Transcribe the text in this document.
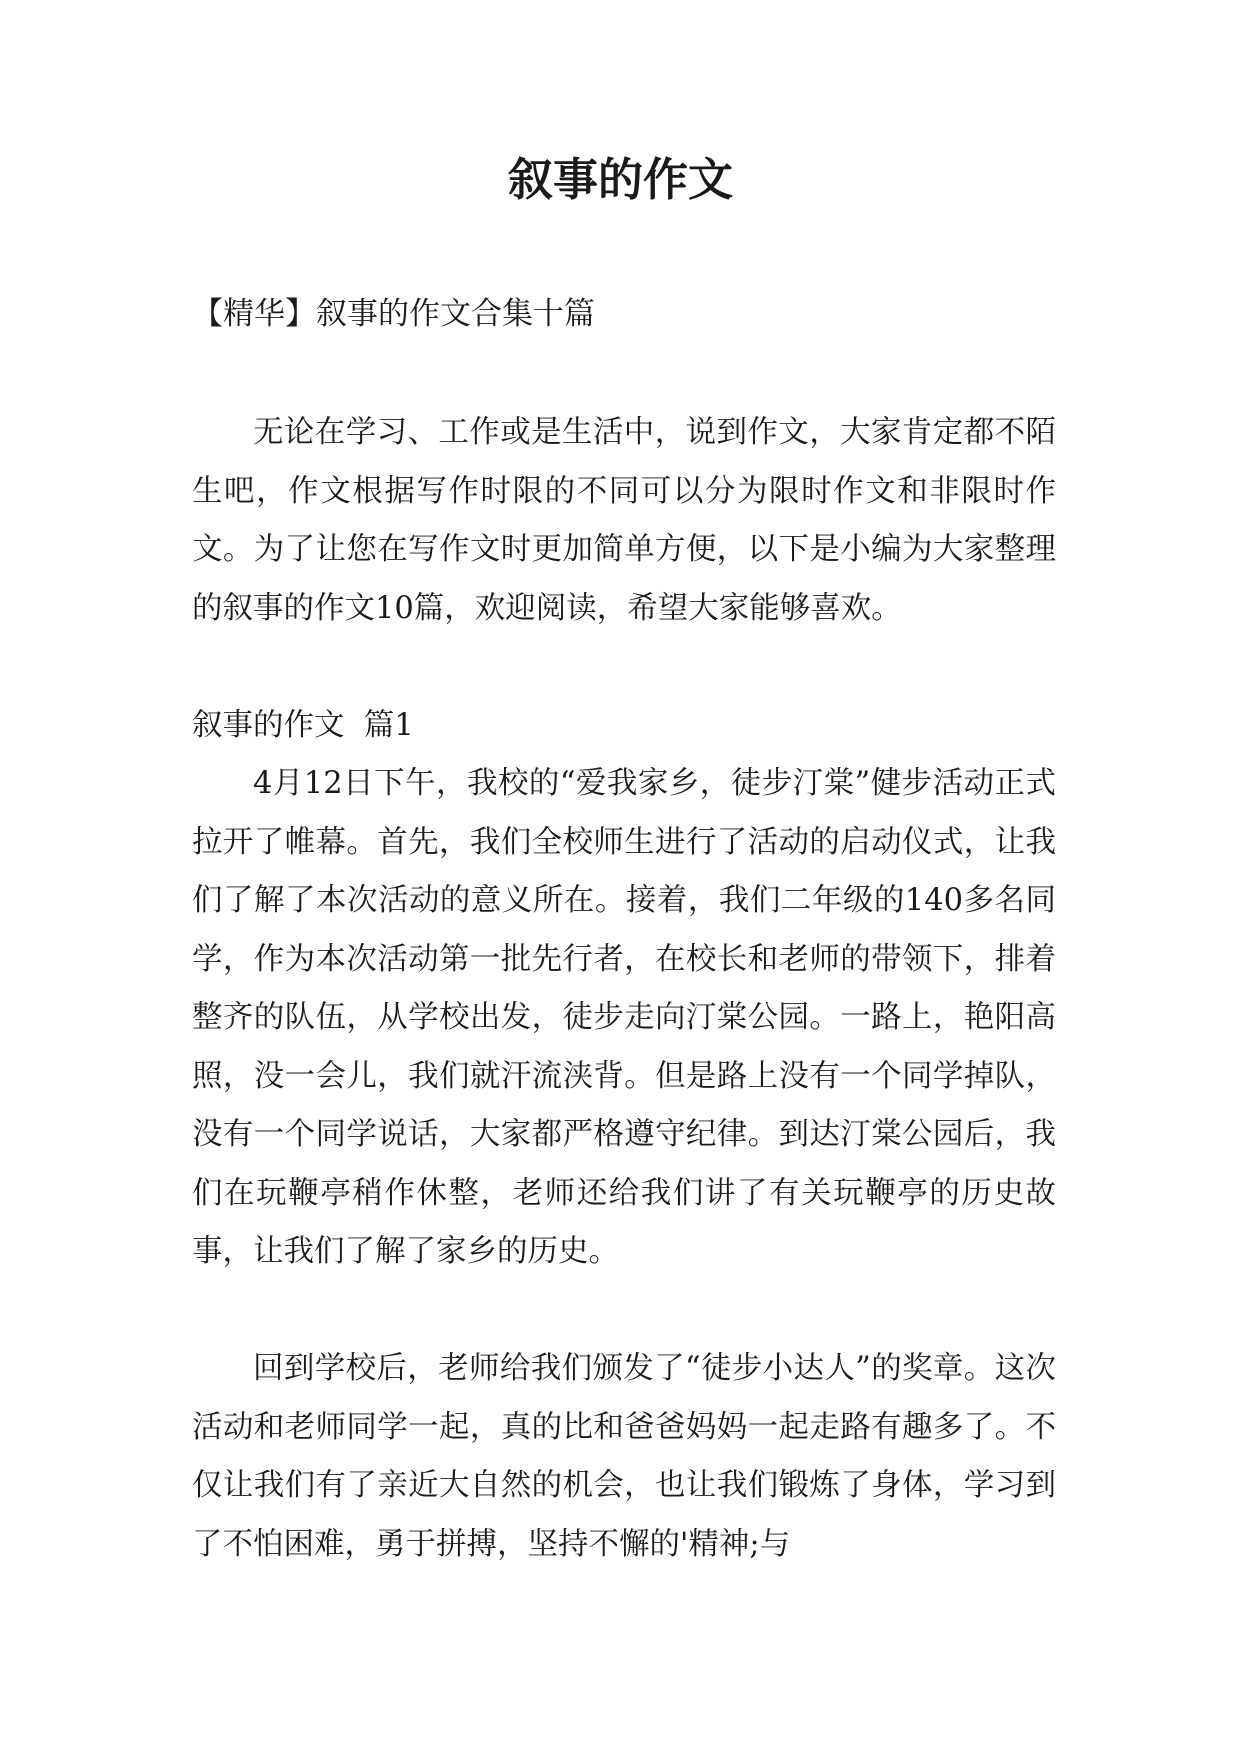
叙事的作文

【精华】叙事的作文合集十篇

无论在学习、工作或是生活中，说到作文，大家肯定都不陌生吧，作文根据写作时限的不同可以分为限时作文和非限时作文。为了让您在写作文时更加简单方便，以下是小编为大家整理的叙事的作文10篇，欢迎阅读，希望大家能够喜欢。

叙事的作文  篇1

4月12日下午，我校的“爱我家乡，徒步汀棠”健步活动正式拉开了帷幕。首先，我们全校师生进行了活动的启动仪式，让我们了解了本次活动的意义所在。接着，我们二年级的140多名同学，作为本次活动第一批先行者，在校长和老师的带领下，排着整齐的队伍，从学校出发，徒步走向汀棠公园。一路上，艳阳高照，没一会儿，我们就汗流浃背。但是路上没有一个同学掉队，没有一个同学说话，大家都严格遵守纪律。到达汀棠公园后，我们在玩鞭亭稍作休整，老师还给我们讲了有关玩鞭亭的历史故事，让我们了解了家乡的历史。

回到学校后，老师给我们颁发了“徒步小达人”的奖章。这次活动和老师同学一起，真的比和爸爸妈妈一起走路有趣多了。不仅让我们有了亲近大自然的机会，也让我们锻炼了身体，学习到了不怕困难，勇于拼搏，坚持不懈的'精神;与
